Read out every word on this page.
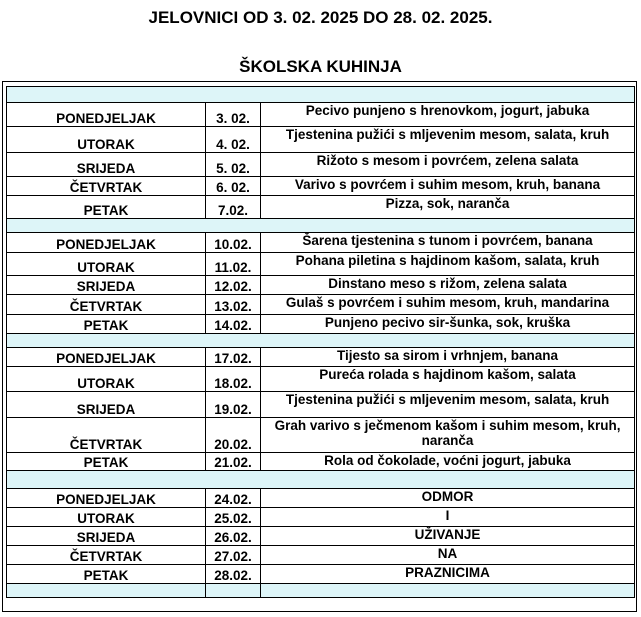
JELOVNICI OD 3. 02. 2025 DO 28. 02. 2025.
ŠKOLSKA KUHINJA

PONEDJELJAK	3. 02.	Pecivo punjeno s hrenovkom, jogurt, jabuka
UTORAK	4. 02.	Tjestenina pužići s mljevenim mesom, salata, kruh
SRIJEDA	5. 02.	Rižoto s mesom i povrćem, zelena salata
ČETVRTAK	6. 02.	Varivo s povrćem i suhim mesom, kruh, banana
PETAK	7.02.	Pizza, sok, naranča

PONEDJELJAK	10.02.	Šarena tjestenina s tunom i povrćem, banana
UTORAK	11.02.	Pohana piletina s hajdinom kašom, salata, kruh
SRIJEDA	12.02.	Dinstano meso s rižom, zelena salata
ČETVRTAK	13.02.	Gulaš s povrćem i suhim mesom, kruh, mandarina
PETAK	14.02.	Punjeno pecivo sir-šunka, sok, kruška

PONEDJELJAK	17.02.	Tijesto sa sirom i vrhnjem, banana
UTORAK	18.02.	Pureća rolada s hajdinom kašom, salata
SRIJEDA	19.02.	Tjestenina pužići s mljevenim mesom, salata, kruh
ČETVRTAK	20.02.	Grah varivo s ječmenom kašom i suhim mesom, kruh, naranča
PETAK	21.02.	Rola od čokolade, voćni jogurt, jabuka

PONEDJELJAK	24.02.	ODMOR
UTORAK	25.02.	I
SRIJEDA	26.02.	UŽIVANJE
ČETVRTAK	27.02.	NA
PETAK	28.02.	PRAZNICIMA
